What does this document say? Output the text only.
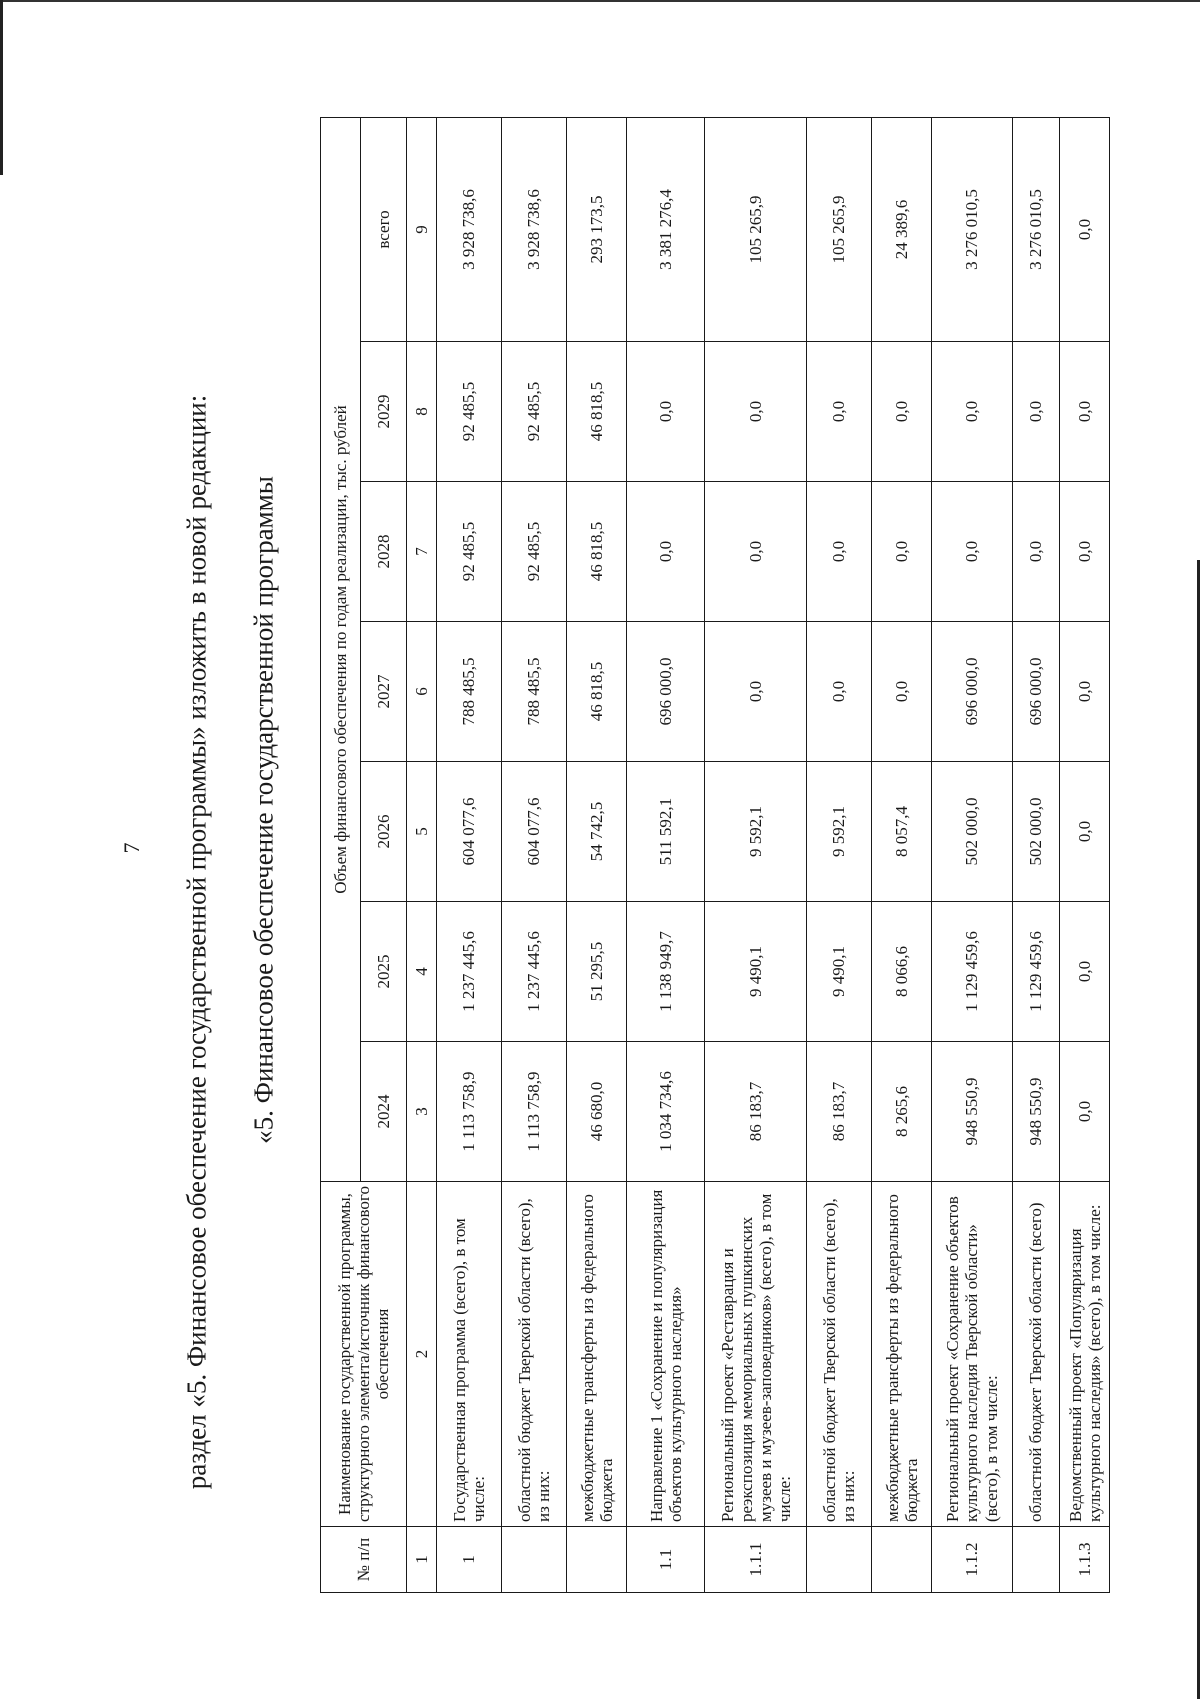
7 раздел «5. Финансовое обеспечение государственной программы» изложить в новой редакции: «5. Финансовое обеспечение государственной программы
№ п/п	Наименование государственной программы, структурного элемента/источник финансового обеспечения	Объем финансового обеспечения по годам реализации, тыс. рублей						
		2024	2025	2026	2027	2028	2029	всего
1	2	3	4	5	6	7	8	9
1	Государственная программа (всего), в том числе:	1 113 758,9	1 237 445,6	604 077,6	788 485,5	92 485,5	92 485,5	3 928 738,6
	областной бюджет Тверской области (всего), из них:	1 113 758,9	1 237 445,6	604 077,6	788 485,5	92 485,5	92 485,5	3 928 738,6
	межбюджетные трансферты из федерального бюджета	46 680,0	51 295,5	54 742,5	46 818,5	46 818,5	46 818,5	293 173,5
1.1	Направление 1 «Сохранение и популяризация объектов культурного наследия»	1 034 734,6	1 138 949,7	511 592,1	696 000,0	0,0	0,0	3 381 276,4
1.1.1	Региональный проект «Реставрация и реэкспозиция мемориальных пушкинских музеев и музеев-заповедников» (всего), в том числе:	86 183,7	9 490,1	9 592,1	0,0	0,0	0,0	105 265,9
	областной бюджет Тверской области (всего), из них:	86 183,7	9 490,1	9 592,1	0,0	0,0	0,0	105 265,9
	межбюджетные трансферты из федерального бюджета	8 265,6	8 066,6	8 057,4	0,0	0,0	0,0	24 389,6
1.1.2	Региональный проект «Сохранение объектов культурного наследия Тверской области» (всего), в том числе:	948 550,9	1 129 459,6	502 000,0	696 000,0	0,0	0,0	3 276 010,5
	областной бюджет Тверской области (всего)	948 550,9	1 129 459,6	502 000,0	696 000,0	0,0	0,0	3 276 010,5
1.1.3	Ведомственный проект «Популяризация культурного наследия» (всего), в том числе:	0,0	0,0	0,0	0,0	0,0	0,0	0,0
